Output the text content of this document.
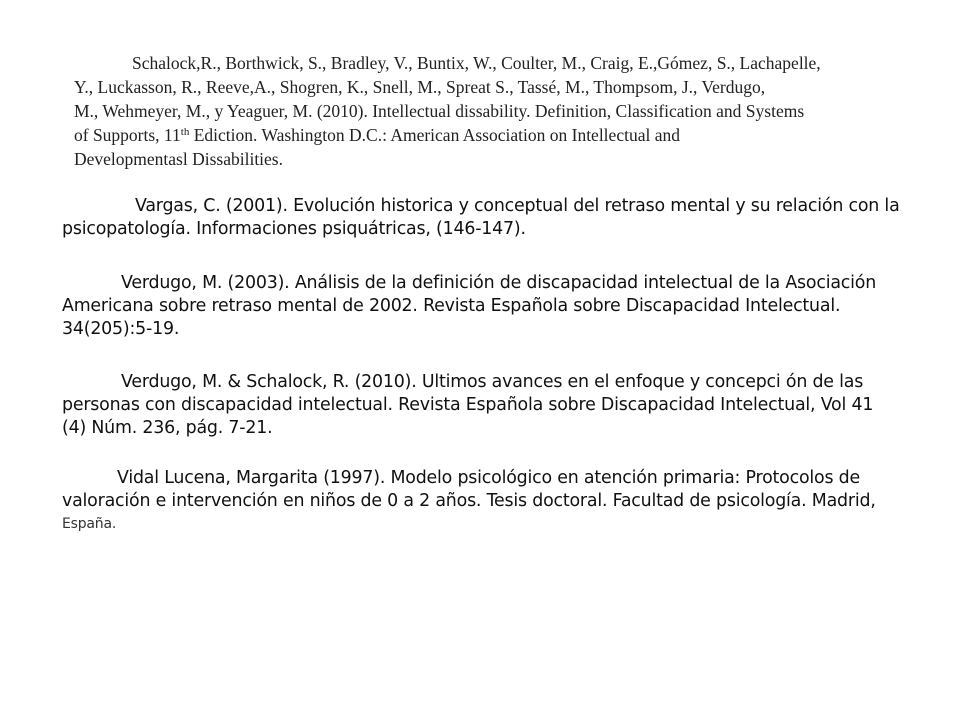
Schalock,R., Borthwick, S., Bradley, V., Buntix, W., Coulter, M., Craig, E.,Gómez, S., Lachapelle,
Y., Luckasson, R., Reeve,A., Shogren, K., Snell, M., Spreat S., Tassé, M., Thompsom, J., Verdugo,
M., Wehmeyer, M., y Yeaguer, M. (2010). Intellectual dissability. Definition, Classification and Systems
of Supports, 11th Ediction. Washington D.C.: American Association on Intellectual and
Developmentasl Dissabilities.
Vargas, C. (2001). Evolución historica y conceptual del retraso mental y su relación con la
psicopatología. Informaciones psiquátricas, (146-147).
Verdugo, M. (2003). Análisis de la definición de discapacidad intelectual de la Asociación
Americana sobre retraso mental de 2002. Revista Española sobre Discapacidad Intelectual.
34(205):5-19.
Verdugo, M. & Schalock, R. (2010). Ultimos avances en el enfoque y concepci ón de las
personas con discapacidad intelectual. Revista Española sobre Discapacidad Intelectual, Vol 41
(4) Núm. 236, pág. 7-21.
Vidal Lucena, Margarita (1997). Modelo psicológico en atención primaria: Protocolos de
valoración e intervención en niños de 0 a 2 años. Tesis doctoral. Facultad de psicología. Madrid,
España.
